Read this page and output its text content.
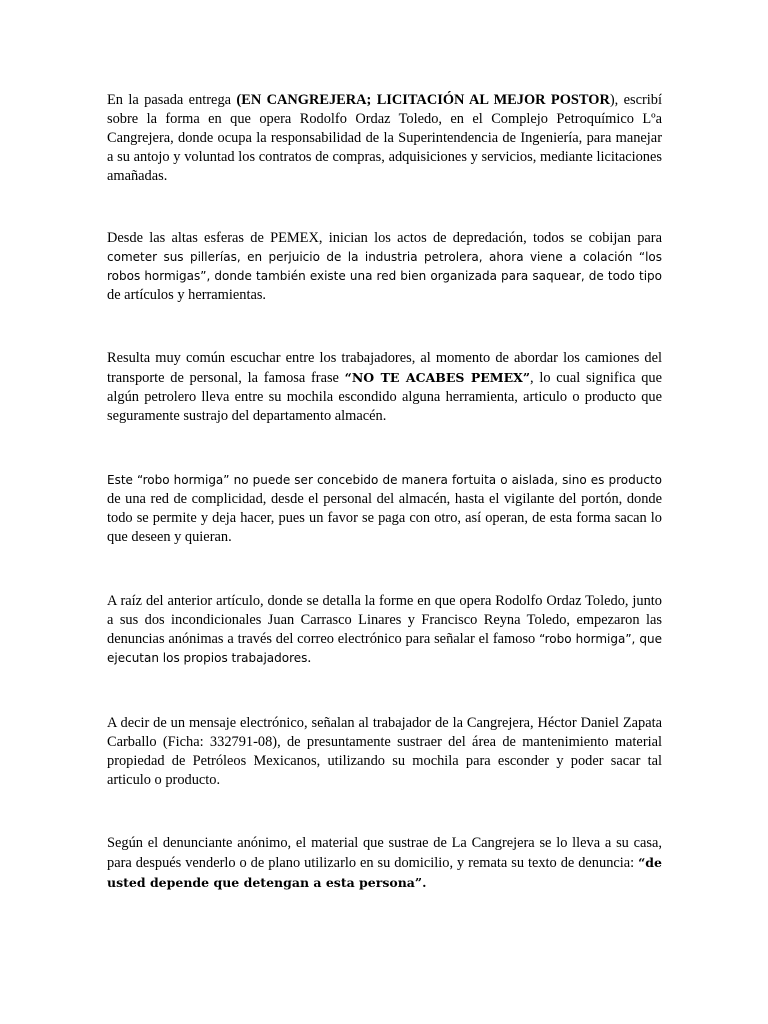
En la pasada entrega (EN CANGREJERA; LICITACIÓN AL MEJOR POSTOR), escribí sobre la forma en que opera Rodolfo Ordaz Toledo, en el Complejo Petroquímico Lºa Cangrejera, donde ocupa la responsabilidad de la Superintendencia de Ingeniería, para manejar a su antojo y voluntad los contratos de compras, adquisiciones y servicios, mediante licitaciones amañadas.

Desde las altas esferas de PEMEX, inician los actos de depredación, todos se cobijan para cometer sus pillerías, en perjuicio de la industria petrolera, ahora viene a colación “los robos hormigas”, donde también existe una red bien organizada para saquear, de todo tipo de artículos y herramientas.

Resulta muy común escuchar entre los trabajadores, al momento de abordar los camiones del transporte de personal, la famosa frase “NO TE ACABES PEMEX”, lo cual significa que algún petrolero lleva entre su mochila escondido alguna herramienta, articulo o producto que seguramente sustrajo del departamento almacén.

Este “robo hormiga” no puede ser concebido de manera fortuita o aislada, sino es producto de una red de complicidad, desde el personal del almacén, hasta el vigilante del portón, donde todo se permite y deja hacer, pues un favor se paga con otro, así operan, de esta forma sacan lo que deseen y quieran.

A raíz del anterior artículo, donde se detalla la forme en que opera Rodolfo Ordaz Toledo, junto a sus dos incondicionales Juan Carrasco Linares y Francisco Reyna Toledo, empezaron las denuncias anónimas a través del correo electrónico para señalar el famoso “robo hormiga”, que ejecutan los propios trabajadores.

A decir de un mensaje electrónico, señalan al trabajador de la Cangrejera, Héctor Daniel Zapata Carballo (Ficha: 332791-08), de presuntamente sustraer del área de mantenimiento material propiedad de Petróleos Mexicanos, utilizando su mochila para esconder y poder sacar tal articulo o producto.

Según el denunciante anónimo, el material que sustrae de La Cangrejera se lo lleva a su casa, para después venderlo o de plano utilizarlo en su domicilio, y remata su texto de denuncia: “de usted depende que detengan a esta persona”.
